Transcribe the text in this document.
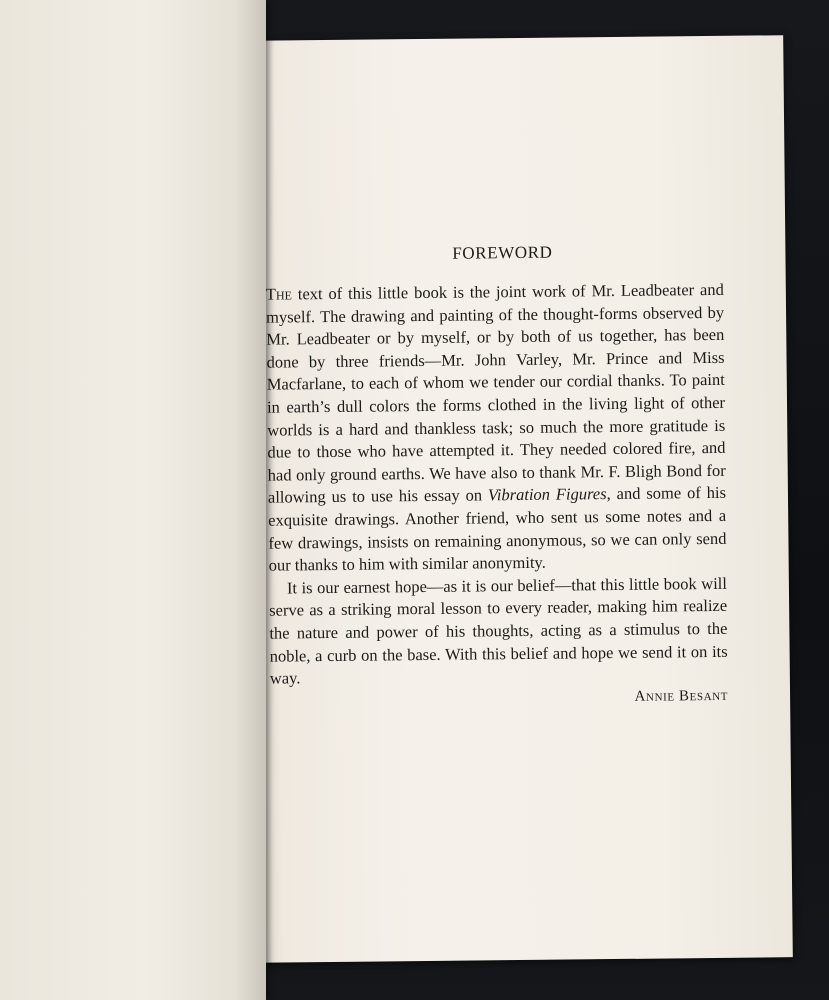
FOREWORD

The text of this little book is the joint work of Mr. Leadbeater and myself. The drawing and painting of the thought-forms observed by Mr. Leadbeater or by myself, or by both of us together, has been done by three friends—Mr. John Varley, Mr. Prince and Miss Macfarlane, to each of whom we tender our cordial thanks. To paint in earth’s dull colors the forms clothed in the living light of other worlds is a hard and thankless task; so much the more gratitude is due to those who have attempted it. They needed colored fire, and had only ground earths. We have also to thank Mr. F. Bligh Bond for allowing us to use his essay on Vibration Figures, and some of his exquisite drawings. Another friend, who sent us some notes and a few drawings, insists on remaining anonymous, so we can only send our thanks to him with similar anonymity.

It is our earnest hope—as it is our belief—that this little book will serve as a striking moral lesson to every reader, making him realize the nature and power of his thoughts, acting as a stimulus to the noble, a curb on the base. With this belief and hope we send it on its way.

Annie Besant
